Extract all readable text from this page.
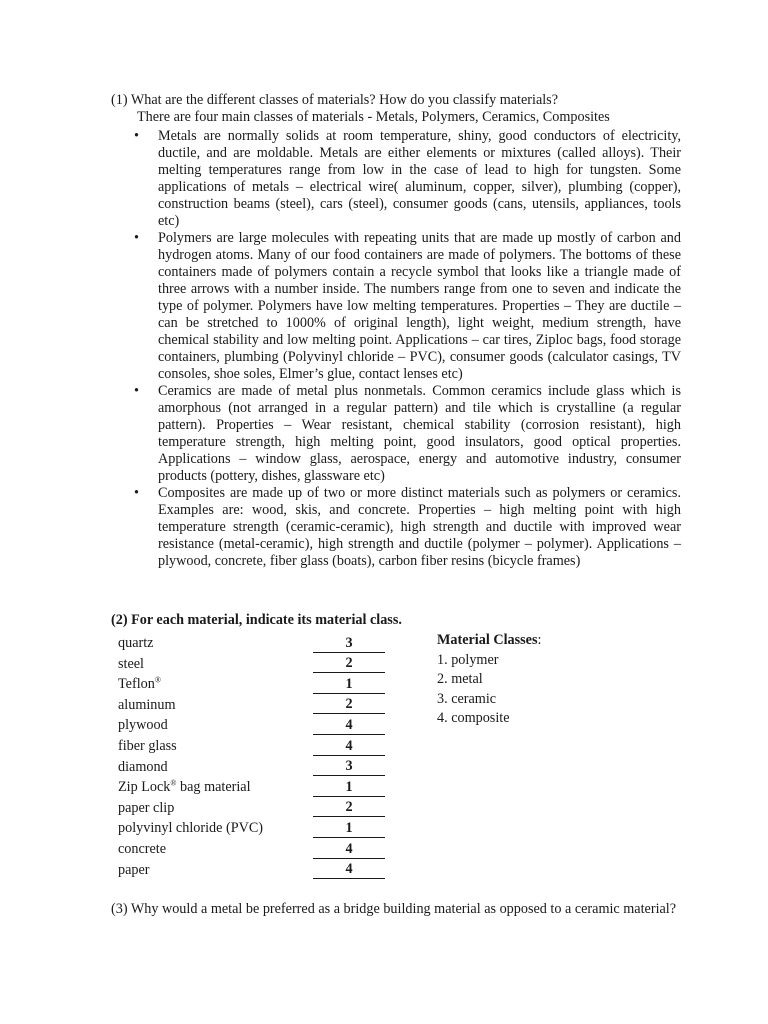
(1) What are the different classes of materials? How do you classify materials?
There are four main classes of materials - Metals, Polymers, Ceramics, Composites
• Metals are normally solids at room temperature, shiny, good conductors of electricity, ductile, and are moldable. Metals are either elements or mixtures (called alloys). Their melting temperatures range from low in the case of lead to high for tungsten. Some applications of metals – electrical wire( aluminum, copper, silver), plumbing (copper), construction beams (steel), cars (steel), consumer goods (cans, utensils, appliances, tools etc)
• Polymers are large molecules with repeating units that are made up mostly of carbon and hydrogen atoms. Many of our food containers are made of polymers. The bottoms of these containers made of polymers contain a recycle symbol that looks like a triangle made of three arrows with a number inside. The numbers range from one to seven and indicate the type of polymer. Polymers have low melting temperatures. Properties – They are ductile – can be stretched to 1000% of original length), light weight, medium strength, have chemical stability and low melting point. Applications – car tires, Ziploc bags, food storage containers, plumbing (Polyvinyl chloride – PVC), consumer goods (calculator casings, TV consoles, shoe soles, Elmer’s glue, contact lenses etc)
• Ceramics are made of metal plus nonmetals. Common ceramics include glass which is amorphous (not arranged in a regular pattern) and tile which is crystalline (a regular pattern). Properties – Wear resistant, chemical stability (corrosion resistant), high temperature strength, high melting point, good insulators, good optical properties. Applications – window glass, aerospace, energy and automotive industry, consumer products (pottery, dishes, glassware etc)
• Composites are made up of two or more distinct materials such as polymers or ceramics. Examples are: wood, skis, and concrete. Properties – high melting point with high temperature strength (ceramic-ceramic), high strength and ductile with improved wear resistance (metal-ceramic), high strength and ductile (polymer – polymer). Applications – plywood, concrete, fiber glass (boats), carbon fiber resins (bicycle frames)
(2) For each material, indicate its material class.
quartz	3
steel	2
Teflon®	1
aluminum	2
plywood	4
fiber glass	4
diamond	3
Zip Lock® bag material	1
paper clip	2
polyvinyl chloride (PVC)	1
concrete	4
paper	4
Material Classes:
1. polymer
2. metal
3. ceramic
4. composite
(3) Why would a metal be preferred as a bridge building material as opposed to a ceramic material?
